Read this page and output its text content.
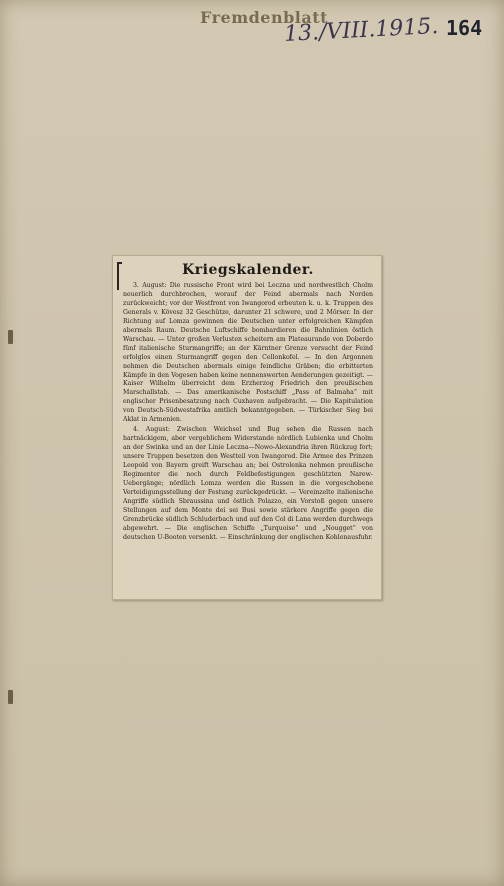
Fremdenblatt
13./VIII.1915. 164
Kriegskalender.

3. August: Die russische Front wird bei Leczna und nordwestlich Cholm neuerlich durchbrochen, worauf der Feind abermals nach Norden zurückweicht; vor der Westfront von Iwangorod erbeuten k. u. k. Truppen des Generals v. Kövesz 32 Geschütze, darunter 21 schwere, und 2 Mörser. In der Richtung auf Lomza gewinnen die Deutschen unter erfolgreichen Kämpfen abermals Raum. Deutsche Luftschiffe bombardieren die Bahnlinien östlich Warschau. — Unter großen Verlusten scheitern am Plateaurande von Doberdo fünf italienische Sturmangriffe; an der Kärntner Grenze versucht der Feind erfolglos einen Sturmangriff gegen den Cellonkofel. — In den Argonnen nehmen die Deutschen abermals einige feindliche Gräben; die erbitterten Kämpfe in den Vogesen haben keine nennenswerten Aenderungen gezeitigt. — Kaiser Wilhelm überreicht dem Erzherzog Friedrich den preußischen Marschallstab. — Das amerikanische Postschiff „Pass of Balmaha“ mit englischer Prisenbesatzung nach Cuxhaven aufgebracht. — Die Kapitulation von Deutsch-Südwestafrika amtlich bekanntgegeben. — Türkischer Sieg bei Aklat in Armenien.

4. August: Zwischen Weichsel und Bug sehen die Russen nach hartnäckigem, aber vergeblichem Widerstande nördlich Lubienka und Cholm an der Swinka und an der Linie Leczna—Nowo-Alexandria ihren Rückzug fort; unsere Truppen besetzen den Westteil von Iwangorod. Die Armee des Prinzen Leopold von Bayern greift Warschau an; bei Ostrolenka nehmen preußische Regimenter die noch durch Feldbefestigungen geschützten Narew-Uebergänge; nördlich Lomza werden die Russen in die vorgeschobene Verteidigungsstellung der Festung zurückgedrückt. — Vereinzelte italienische Angriffe südlich Sbraussina und östlich Polazzo, ein Vorstoß gegen unsere Stellungen auf dem Monte dei sei Busi sowie stärkere Angriffe gegen die Grenzbrücke südlich Schluderbach und auf den Col di Lana werden durchwegs abgewehrt. — Die englischen Schiffe „Turquoise“ und „Nougget“ von deutschen U-Booten versenkt. — Einschränkung der englischen Kohlenausfuhr.
